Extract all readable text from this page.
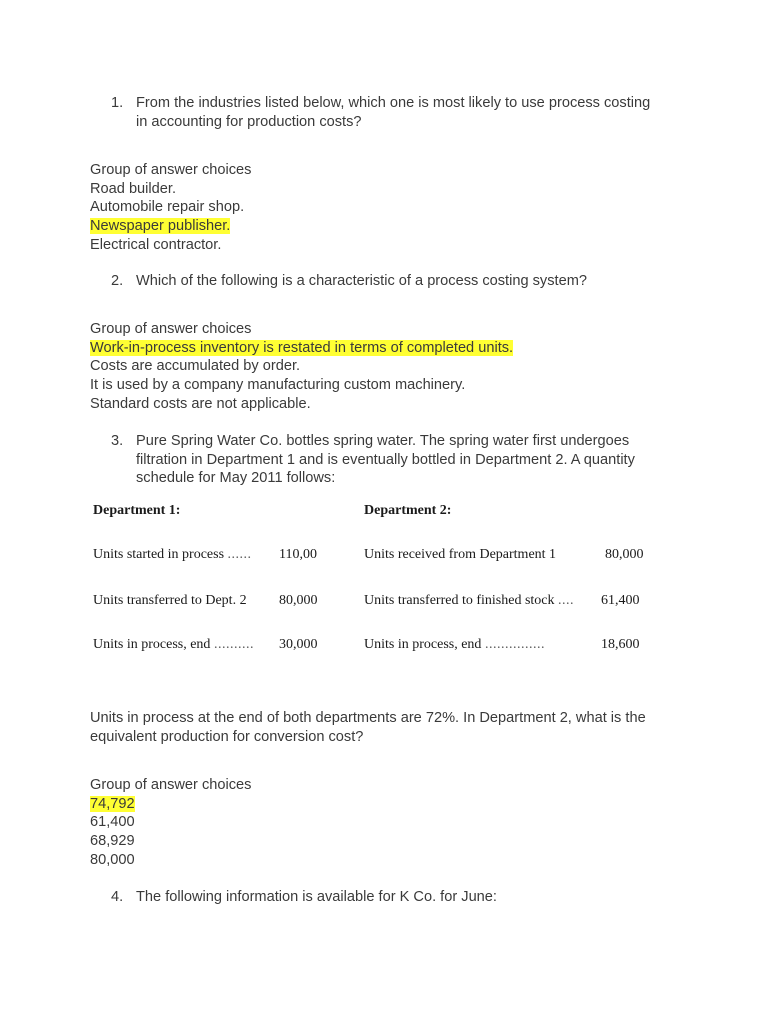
1. From the industries listed below, which one is most likely to use process costing
in accounting for production costs?
Group of answer choices
Road builder.
Automobile repair shop.
Newspaper publisher.
Electrical contractor.
2. Which of the following is a characteristic of a process costing system?
Group of answer choices
Work-in-process inventory is restated in terms of completed units.
Costs are accumulated by order.
It is used by a company manufacturing custom machinery.
Standard costs are not applicable.
3. Pure Spring Water Co. bottles spring water. The spring water first undergoes
filtration in Department 1 and is eventually bottled in Department 2. A quantity
schedule for May 2011 follows:
Department 1:	Department 2:
Units started in process ...... 110,00	Units received from Department 1	80,000
Units transferred to Dept. 2 80,000	Units transferred to finished stock .... 61,400
Units in process, end .......... 30,000	Units in process, end ...............	18,600
Units in process at the end of both departments are 72%. In Department 2, what is the
equivalent production for conversion cost?
Group of answer choices
74,792
61,400
68,929
80,000
4. The following information is available for K Co. for June:
